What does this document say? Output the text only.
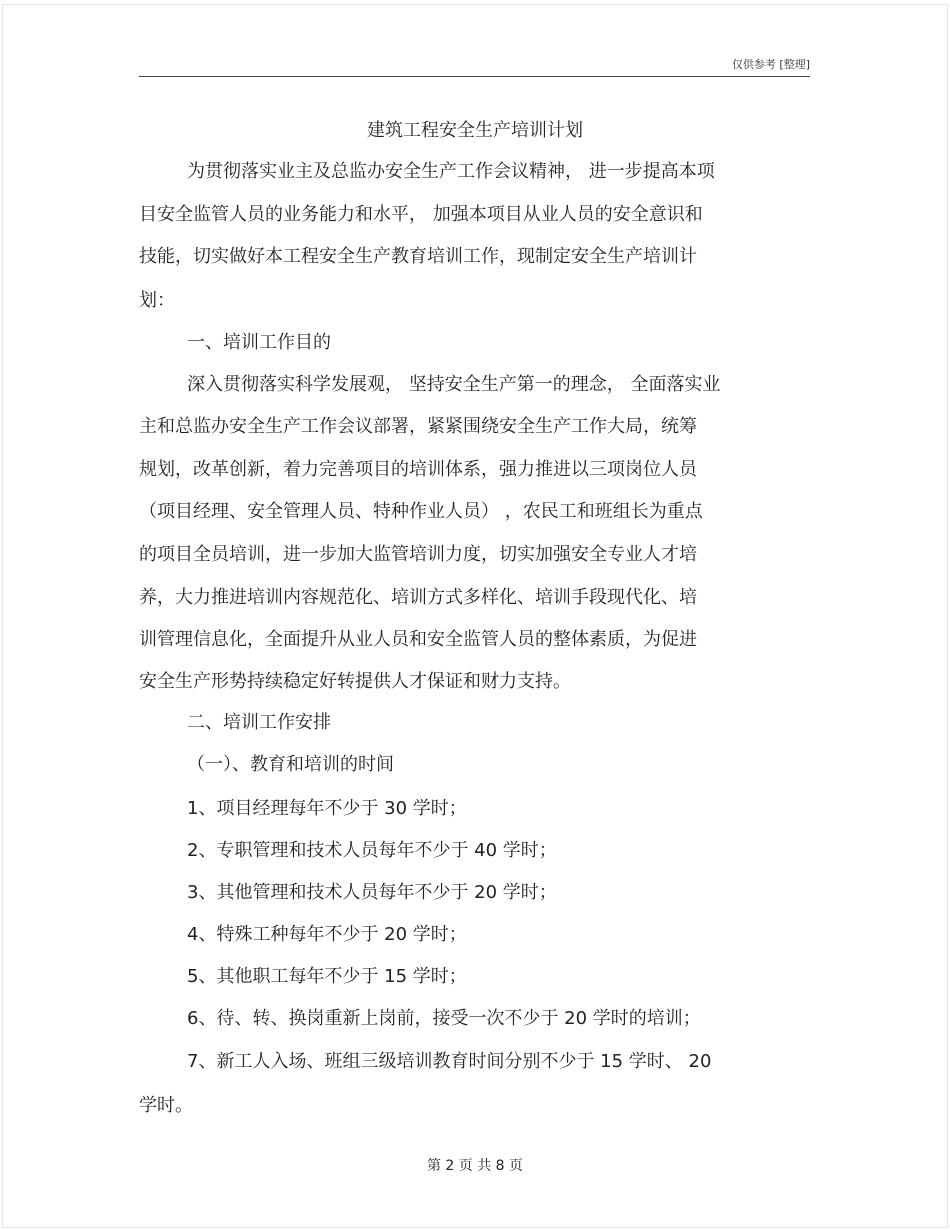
仅供参考 [整理]
建筑工程安全生产培训计划
为贯彻落实业主及总监办安全生产工作会议精神， 进一步提高本项
目安全监管人员的业务能力和水平， 加强本项目从业人员的安全意识和
技能，切实做好本工程安全生产教育培训工作，现制定安全生产培训计
划：
一、培训工作目的
深入贯彻落实科学发展观， 坚持安全生产第一的理念， 全面落实业
主和总监办安全生产工作会议部署，紧紧围绕安全生产工作大局，统筹
规划，改革创新，着力完善项目的培训体系，强力推进以三项岗位人员
（项目经理、安全管理人员、特种作业人员） ，农民工和班组长为重点
的项目全员培训，进一步加大监管培训力度，切实加强安全专业人才培
养，大力推进培训内容规范化、培训方式多样化、培训手段现代化、培
训管理信息化，全面提升从业人员和安全监管人员的整体素质，为促进
安全生产形势持续稳定好转提供人才保证和财力支持。
二、培训工作安排
（一）、教育和培训的时间
1、项目经理每年不少于 30 学时；
2、专职管理和技术人员每年不少于 40 学时；
3、其他管理和技术人员每年不少于 20 学时；
4、特殊工种每年不少于 20 学时；
5、其他职工每年不少于 15 学时；
6、待、转、换岗重新上岗前，接受一次不少于 20 学时的培训；
7、新工人入场、班组三级培训教育时间分别不少于 15 学时、 20
学时。
第 2 页 共 8 页
